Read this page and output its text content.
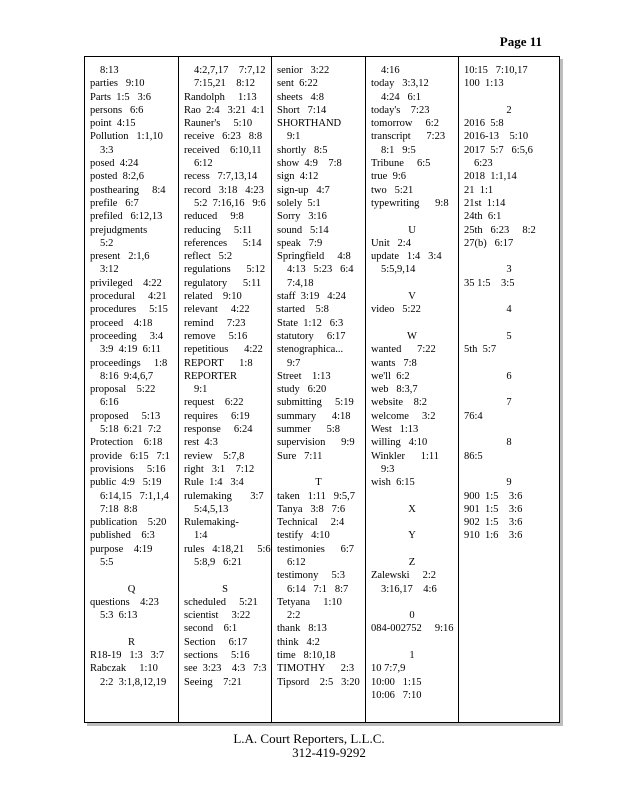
Page 11
8:13
parties   9:10
Parts  1:5   3:6
persons   6:6
point  4:15
Pollution   1:1,10
3:3
posed  4:24
posted  8:2,6
posthearing     8:4
prefile   6:7
prefiled   6:12,13
prejudgments
5:2
present   2:1,6
3:12
privileged    4:22
procedural     4:21
procedures     5:15
proceed    4:18
proceeding     3:4
3:9  4:19  6:11
proceedings     1:8
8:16  9:4,6,7
proposal    5:22
6:16
proposed     5:13
5:18  6:21  7:2
Protection    6:18
provide   6:15   7:1
provisions     5:16
public  4:9   5:19
6:14,15   7:1,1,4
7:18  8:8
publication    5:20
published    6:3
purpose    4:19
5:5

Q
questions    4:23
5:3  6:13

R
R18-19   1:3   3:7
Rabczak     1:10
2:2  3:1,8,12,19
4:2,7,17    7:7,12
7:15,21    8:12
Randolph     1:13
Rao  2:4   3:21  4:1
Rauner's     5:10
receive   6:23   8:8
received    6:10,11
6:12
recess   7:7,13,14
record   3:18   4:23
5:2  7:16,16   9:6
reduced     9:8
reducing     5:11
references      5:14
reflect   5:2
regulations      5:12
regulatory      5:11
related    9:10
relevant     4:22
remind     7:23
remove     5:16
repetitious      4:22
REPORT      1:8
REPORTER
9:1
request    6:22
requires     6:19
response     6:24
rest  4:3
review    5:7,8
right   3:1    7:12
Rule  1:4   3:4
rulemaking       3:7
5:4,5,13
Rulemaking-
1:4
rules   4:18,21     5:6
5:8,9   6:21

S
scheduled     5:21
scientist     3:22
second    6:1
Section     6:17
sections     5:16
see  3:23    4:3   7:3
Seeing    7:21
senior   3:22
sent  6:22
sheets   4:8
Short   7:14
SHORTHAND
9:1
shortly   8:5
show  4:9    7:8
sign  4:12
sign-up   4:7
solely  5:1
Sorry   3:16
sound   5:14
speak   7:9
Springfield     4:8
4:13   5:23   6:4
7:4,18
staff  3:19   4:24
started    5:8
State  1:12   6:3
statutory     6:17
stenographica...
9:7
Street    1:13
study   6:20
submitting     5:19
summary      4:18
summer      5:8
supervision      9:9
Sure   7:11

T
taken   1:11   9:5,7
Tanya   3:8   7:6
Technical     2:4
testify   4:10
testimonies      6:7
6:12
testimony     5:3
6:14   7:1   8:7
Tetyana     1:10
2:2
thank   8:13
think   4:2
time   8:10,18
TIMOTHY      2:3
Tipsord    2:5   3:20
4:16
today   3:3,12
4:24   6:1
today's    7:23
tomorrow     6:2
transcript      7:23
8:1   9:5
Tribune     6:5
true  9:6
two   5:21
typewriting      9:8

U
Unit   2:4
update   1:4   3:4
5:5,9,14

V
video   5:22

W
wanted      7:22
wants   7:8
we'll  6:2
web   8:3,7
website    8:2
welcome     3:2
West   1:13
willing   4:10
Winkler      1:11
9:3
wish  6:15

X

Y

Z
Zalewski     2:2
3:16,17    4:6

0
084-002752     9:16

1
10 7:7,9
10:00   1:15
10:06   7:10
10:15   7:10,17
100  1:13

2
2016  5:8
2016-13    5:10
2017  5:7   6:5,6
6:23
2018  1:1,14
21  1:1
21st  1:14
24th  6:1
25th   6:23     8:2
27(b)   6:17

3
35 1:5    3:5

4

5
5th  5:7

6

7
76:4

8
86:5

9
900  1:5    3:6
901  1:5    3:6
902  1:5    3:6
910  1:6    3:6
L.A. Court Reporters, L.L.C.
312-419-9292
